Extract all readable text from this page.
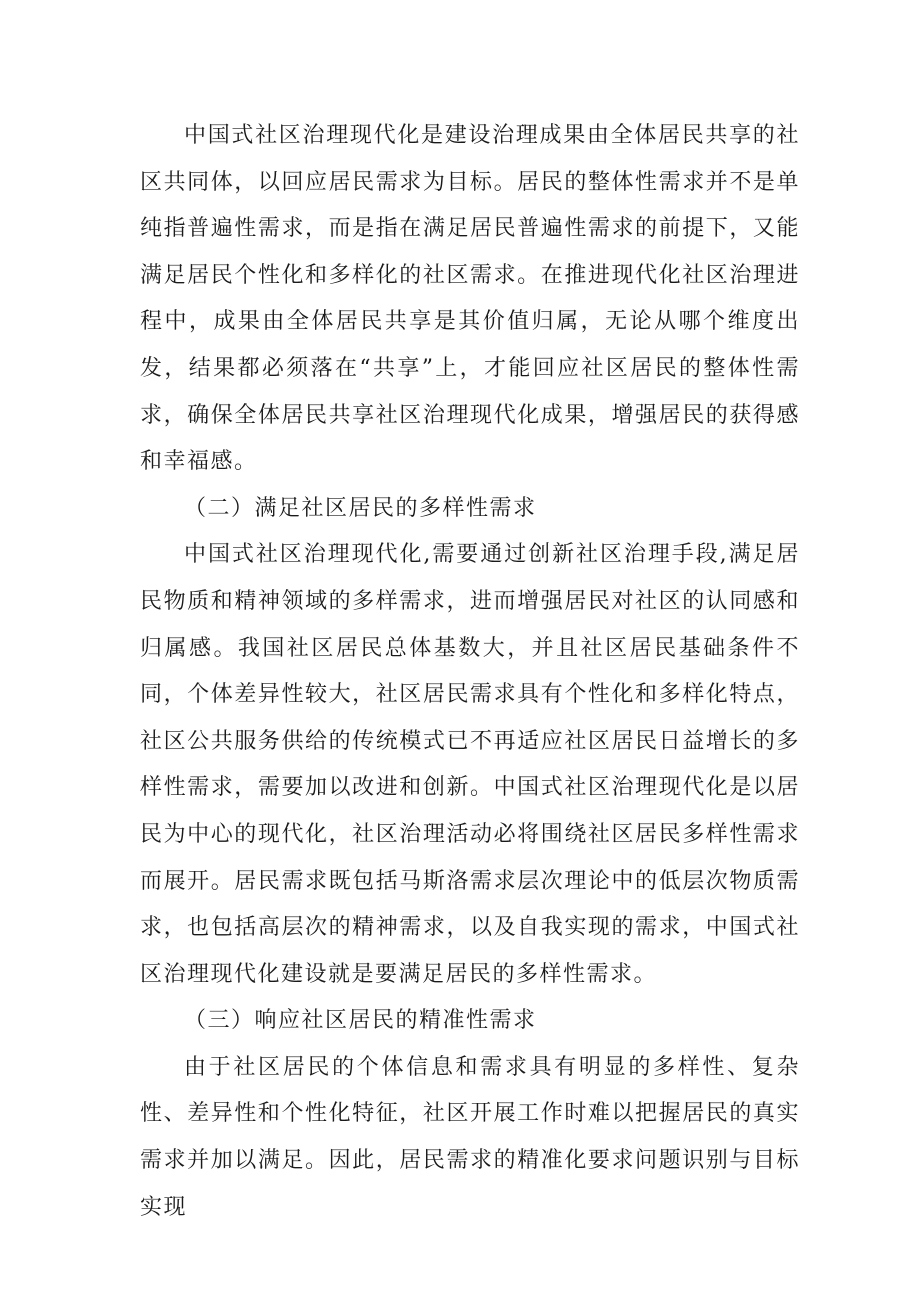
中国式社区治理现代化是建设治理成果由全体居民共享的社区共同体，以回应居民需求为目标。居民的整体性需求并不是单纯指普遍性需求，而是指在满足居民普遍性需求的前提下，又能满足居民个性化和多样化的社区需求。在推进现代化社区治理进程中，成果由全体居民共享是其价值归属，无论从哪个维度出发，结果都必须落在“共享”上，才能回应社区居民的整体性需求，确保全体居民共享社区治理现代化成果，增强居民的获得感和幸福感。

（二）满足社区居民的多样性需求

中国式社区治理现代化,需要通过创新社区治理手段,满足居民物质和精神领域的多样需求，进而增强居民对社区的认同感和归属感。我国社区居民总体基数大，并且社区居民基础条件不同，个体差异性较大，社区居民需求具有个性化和多样化特点，社区公共服务供给的传统模式已不再适应社区居民日益增长的多样性需求，需要加以改进和创新。中国式社区治理现代化是以居民为中心的现代化，社区治理活动必将围绕社区居民多样性需求而展开。居民需求既包括马斯洛需求层次理论中的低层次物质需求，也包括高层次的精神需求，以及自我实现的需求，中国式社区治理现代化建设就是要满足居民的多样性需求。

（三）响应社区居民的精准性需求

由于社区居民的个体信息和需求具有明显的多样性、复杂性、差异性和个性化特征，社区开展工作时难以把握居民的真实需求并加以满足。因此，居民需求的精准化要求问题识别与目标实现
